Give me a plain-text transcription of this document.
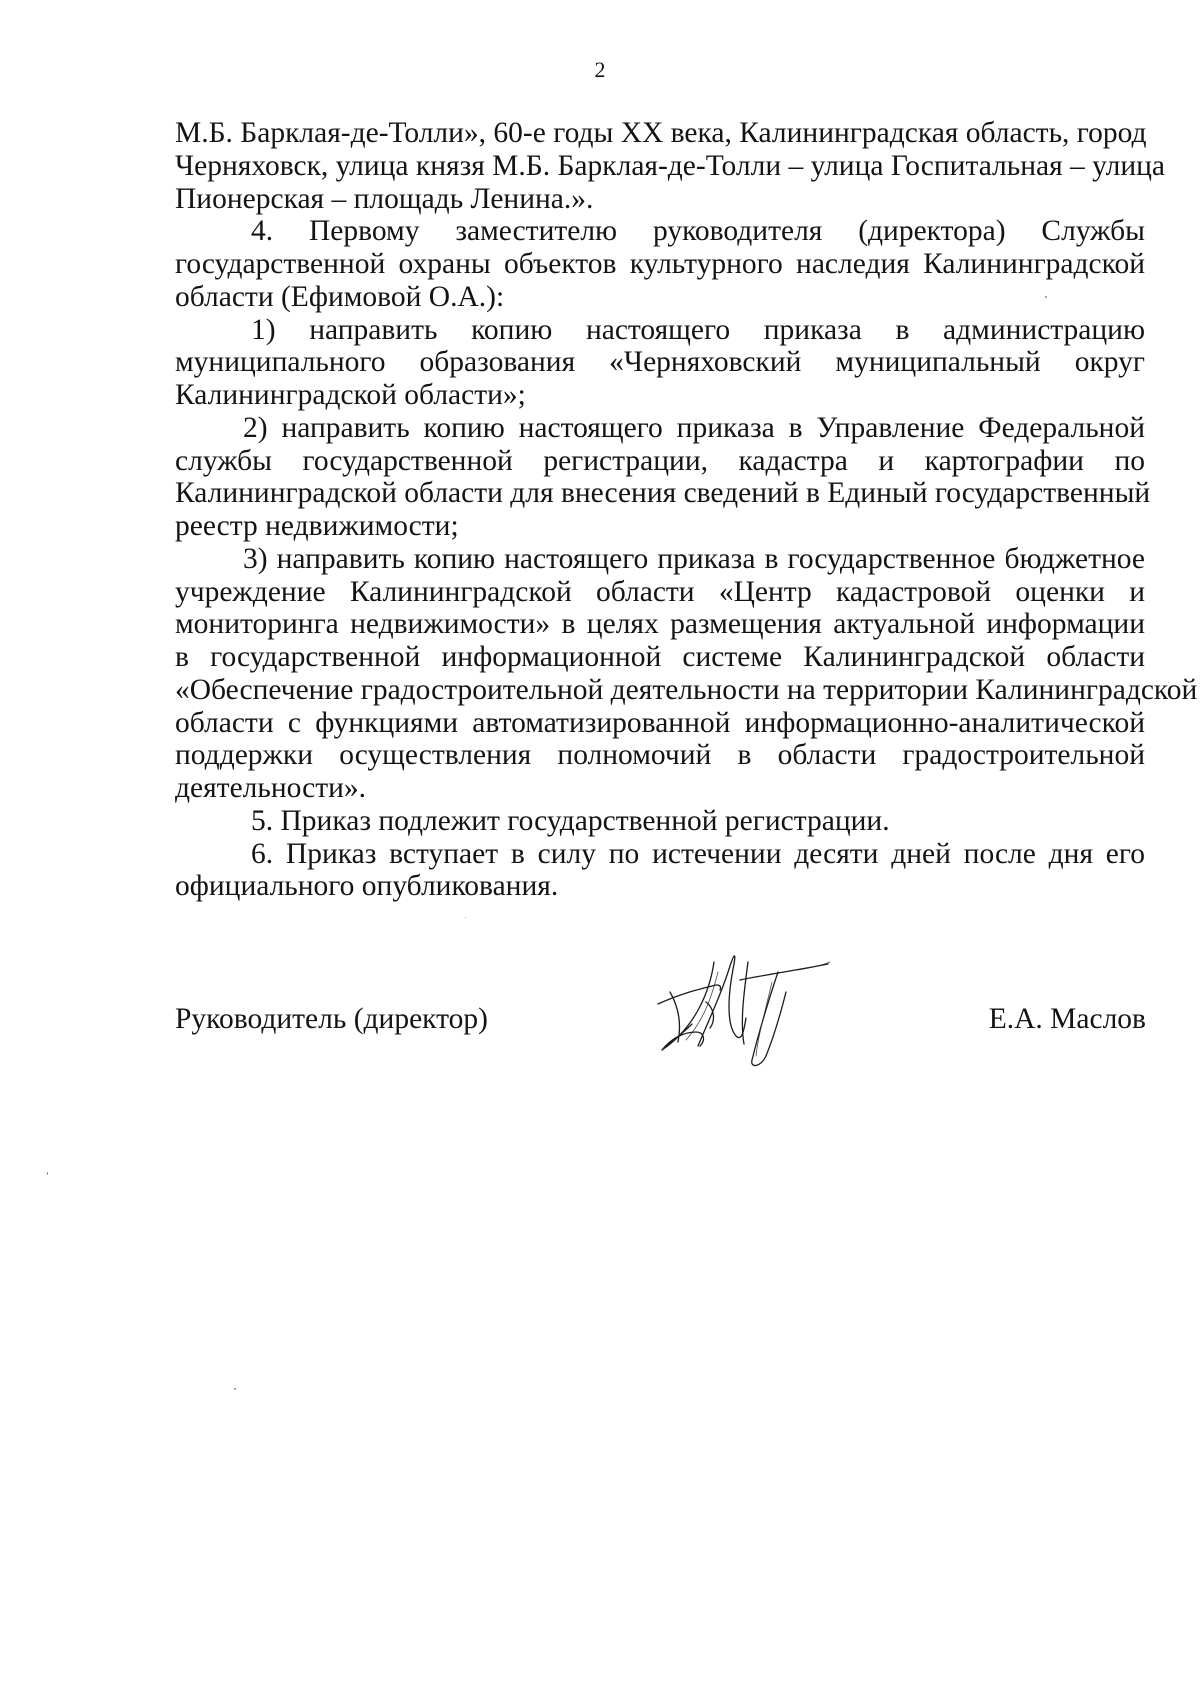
2
М.Б. Барклая-де-Толли», 60-е годы XX века, Калининградская область, город
Черняховск, улица князя М.Б. Барклая-де-Толли – улица Госпитальная – улица
Пионерская – площадь Ленина.».
4. Первому заместителю руководителя (директора) Службы
государственной охраны объектов культурного наследия Калининградской
области (Ефимовой О.А.):
1) направить копию настоящего приказа в администрацию
муниципального образования «Черняховский муниципальный округ
Калининградской области»;
2) направить копию настоящего приказа в Управление Федеральной
службы государственной регистрации, кадастра и картографии по
Калининградской области для внесения сведений в Единый государственный
реестр недвижимости;
3) направить копию настоящего приказа в государственное бюджетное
учреждение Калининградской области «Центр кадастровой оценки и
мониторинга недвижимости» в целях размещения актуальной информации
в государственной информационной системе Калининградской области
«Обеспечение градостроительной деятельности на территории Калининградской
области с функциями автоматизированной информационно-аналитической
поддержки осуществления полномочий в области градостроительной
деятельности».
5. Приказ подлежит государственной регистрации.
6. Приказ вступает в силу по истечении десяти дней после дня его
официального опубликования.
Руководитель (директор)	Е.А. Маслов
